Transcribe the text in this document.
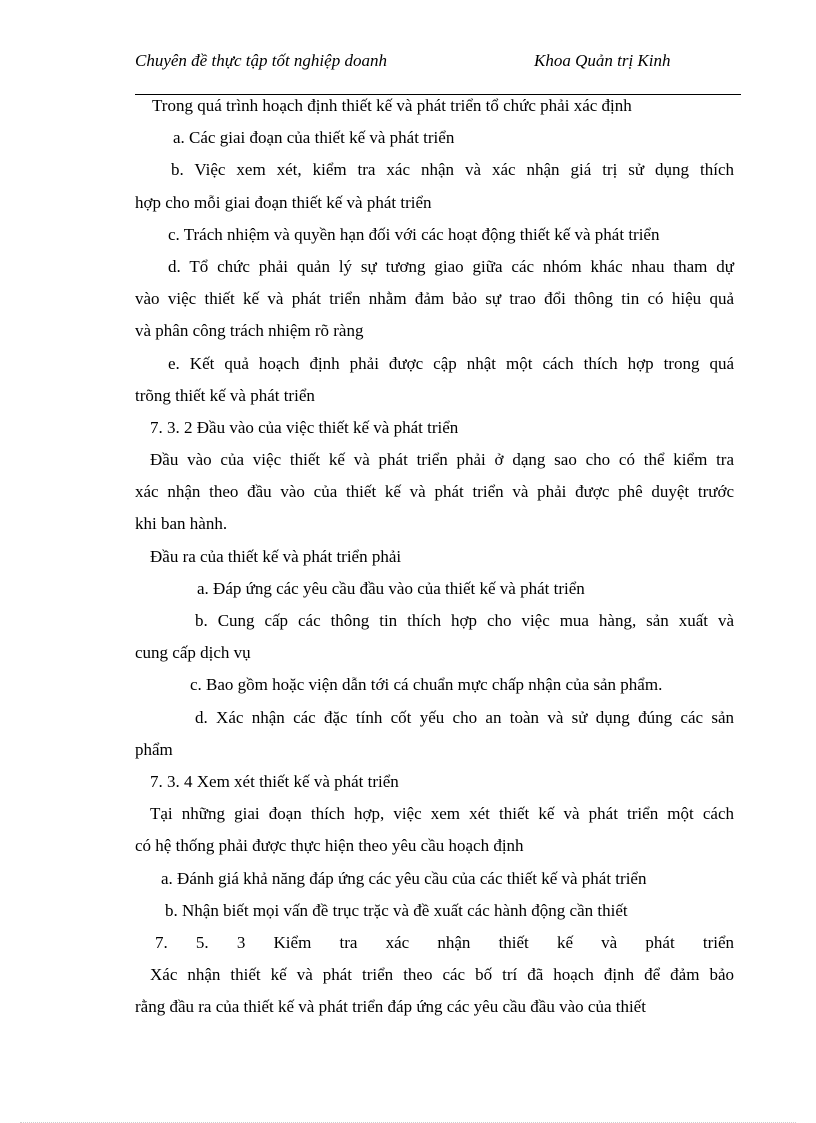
Chuyên đề thực tập tốt nghiệp doanh	Khoa Quản trị Kinh
Trong quá trình hoạch định thiết kế và phát triển tổ chức phải xác định
a. Các giai đoạn của thiết kế và phát triển
b. Việc xem xét, kiểm tra xác nhận và xác nhận giá trị sử dụng thích
hợp cho mỗi giai đoạn thiết kế và phát triển
c. Trách nhiệm và quyền hạn đối với các hoạt động thiết kế và phát triển
d. Tổ chức phải quản lý sự tương giao giữa các nhóm khác nhau tham dự
vào việc thiết kế và phát triển nhằm đảm bảo sự trao đổi thông tin có hiệu quả
và phân công trách nhiệm rõ ràng
e. Kết quả hoạch định phải được cập nhật một cách thích hợp trong quá
trõng thiết kế và phát triển
7. 3. 2 Đầu vào của việc thiết kế và phát triển
Đầu vào của việc thiết kế và phát triển phải ở dạng sao cho có thể kiểm tra
xác nhận theo đầu vào của thiết kế và phát triển và phải được phê duyệt trước
khi ban hành.
Đầu ra của thiết kế và phát triển phải
a. Đáp ứng các yêu cầu đầu vào của thiết kế và phát triển
b. Cung cấp các thông tin thích hợp cho việc mua hàng, sản xuất và
cung cấp dịch vụ
c. Bao gồm hoặc viện dẫn tới cá chuẩn mực chấp nhận của sản phẩm.
d. Xác nhận các đặc tính cốt yếu cho an toàn và sử dụng đúng các sản
phẩm
7. 3. 4 Xem xét thiết kế và phát triển
Tại những giai đoạn thích hợp, việc xem xét thiết kế và phát triển một cách
có hệ thống phải được thực hiện theo yêu cầu hoạch định
a. Đánh giá khả năng đáp ứng các yêu cầu của các thiết kế và phát triển
b. Nhận biết mọi vấn đề trục trặc và đề xuất các hành động cần thiết
7. 5. 3 Kiểm tra xác nhận thiết kế và phát triển
Xác nhận thiết kế và phát triển theo các bố trí đã hoạch định để đảm bảo
rằng đầu ra của thiết kế và phát triển đáp ứng các yêu cầu đầu vào của thiết
